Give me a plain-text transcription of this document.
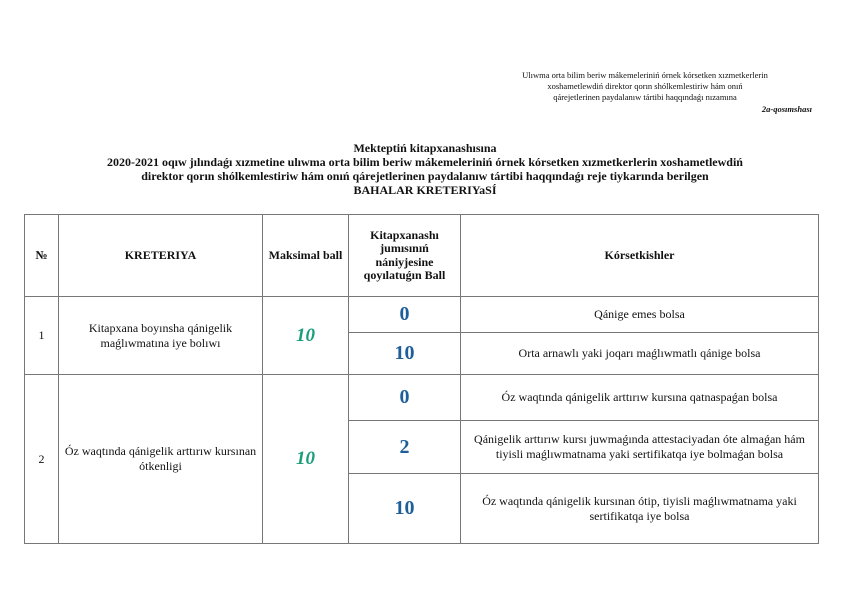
Ulıwma orta bilim beriw mákemeleriniń órnek kórsetken xızmetkerlerin
xoshametlewdiń direktor qorın shólkemlestiriw hám onıń
qárejetlerinen paydalanıw tártibi haqqındaǵı nızamına
2a-qosımshası
Mekteptiń kitapxanashısına
2020-2021 oqıw jılındaǵı xızmetine ulıwma orta bilim beriw mákemeleriniń órnek kórsetken xızmetkerlerin xoshametlewdiń
direktor qorın shólkemlestiriw hám onıń qárejetlerinen paydalanıw tártibi haqqındaǵı reje tiykarında berilgen
BAHALAR KRETERIYaSÍ
№	KRETERIYA	Maksimal ball	Kitapxanashı jumısınıń nániyjesine qoyılatuǵın Ball	Kórsetkishler
1	Kitapxana boyınsha qánigelik maǵlıwmatına iye bolıwı	10	0	Qánige emes bolsa
			10	Orta arnawlı yaki joqarı maǵlıwmatlı qánige bolsa
2	Óz waqtında qánigelik arttırıw kursınan ótkenligi	10	0	Óz waqtında qánigelik arttırıw kursına qatnaspaǵan bolsa
			2	Qánigelik arttırıw kursı juwmaǵında attestaciyadan óte almaǵan hám tiyisli maǵlıwmatnama yaki sertifikatqa iye bolmaǵan bolsa
			10	Óz waqtında qánigelik kursınan ótip, tiyisli maǵlıwmatnama yaki sertifikatqa iye bolsa
